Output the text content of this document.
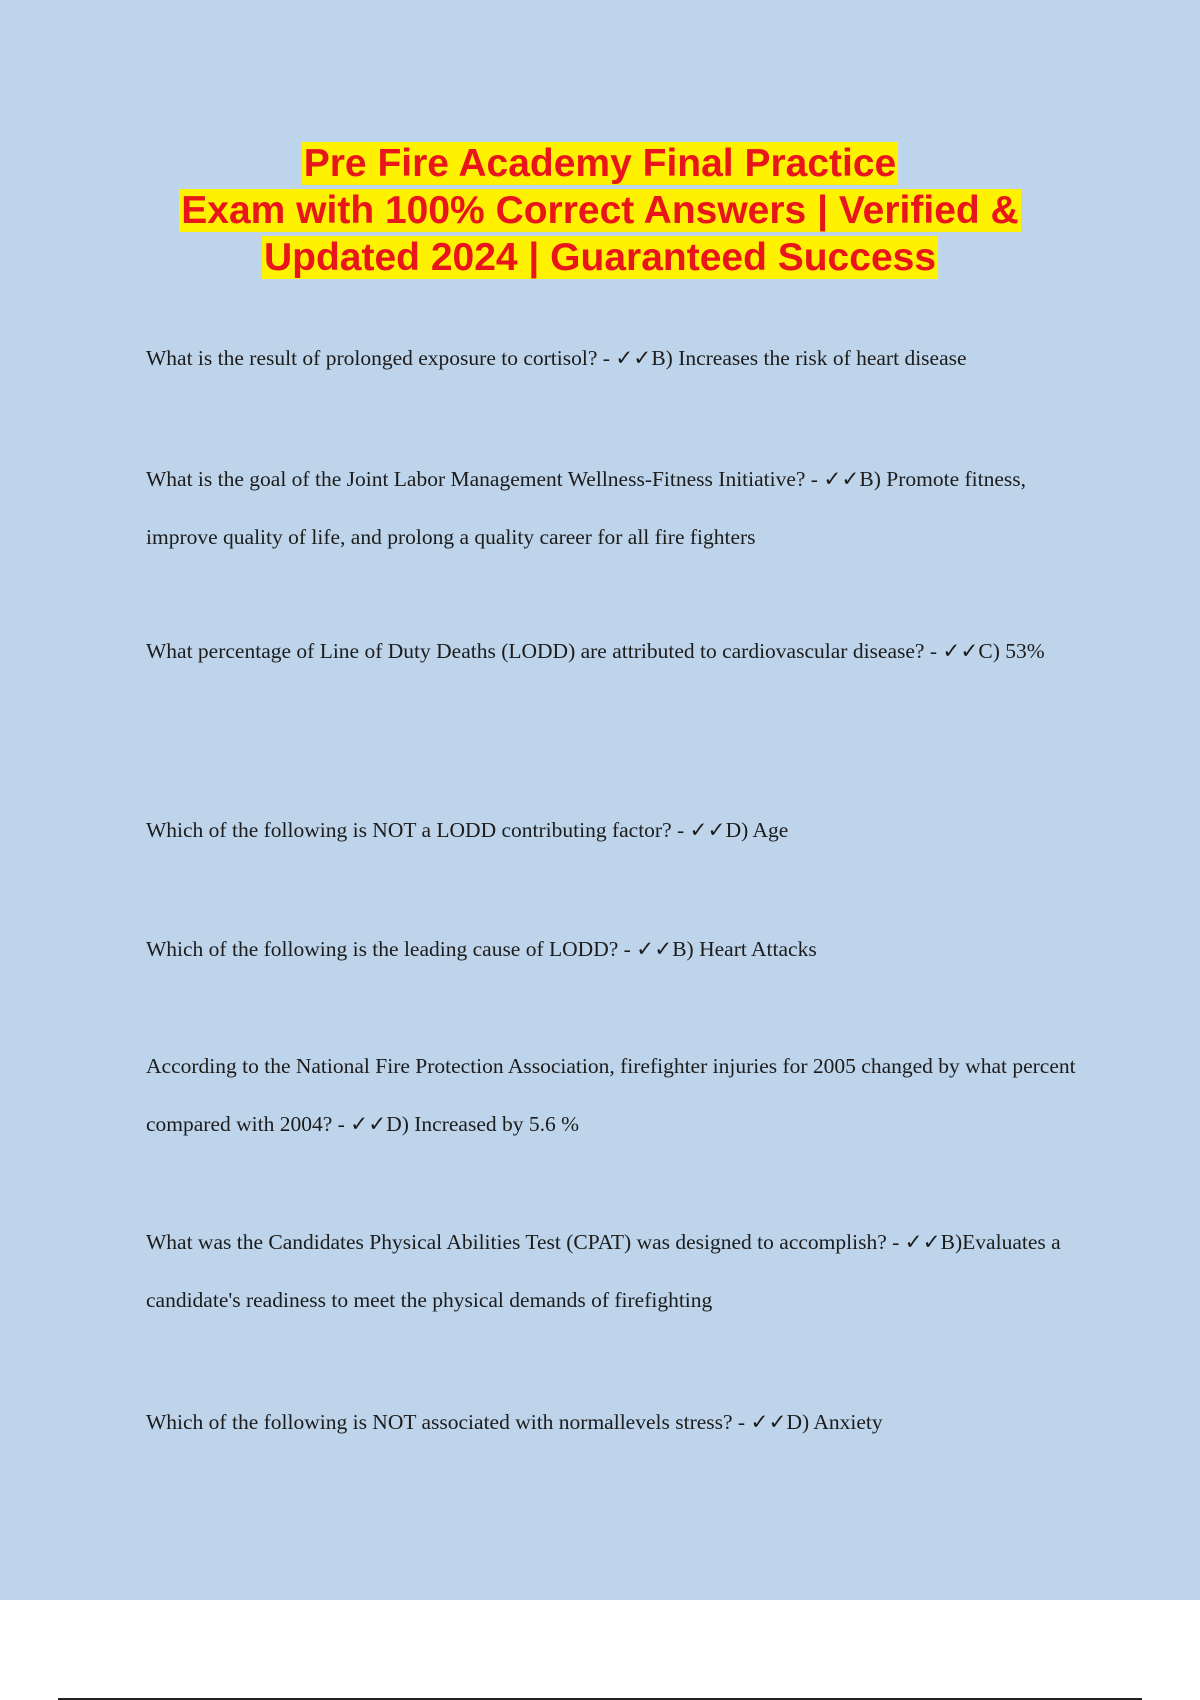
Pre Fire Academy Final Practice
Exam with 100% Correct Answers | Verified &
Updated 2024 | Guaranteed Success

What is the result of prolonged exposure to cortisol? - ✓✓B) Increases the risk of heart disease

What is the goal of the Joint Labor Management Wellness-Fitness Initiative? - ✓✓B) Promote fitness, improve quality of life, and prolong a quality career for all fire fighters

What percentage of Line of Duty Deaths (LODD) are attributed to cardiovascular disease? - ✓✓C) 53%

Which of the following is NOT a LODD contributing factor? - ✓✓D) Age

Which of the following is the leading cause of LODD? - ✓✓B) Heart Attacks

According to the National Fire Protection Association, firefighter injuries for 2005 changed by what percent compared with 2004? - ✓✓D) Increased by 5.6 %

What was the Candidates Physical Abilities Test (CPAT) was designed to accomplish? - ✓✓B)Evaluates a candidate's readiness to meet the physical demands of firefighting

Which of the following is NOT associated with normallevels stress? - ✓✓D) Anxiety
